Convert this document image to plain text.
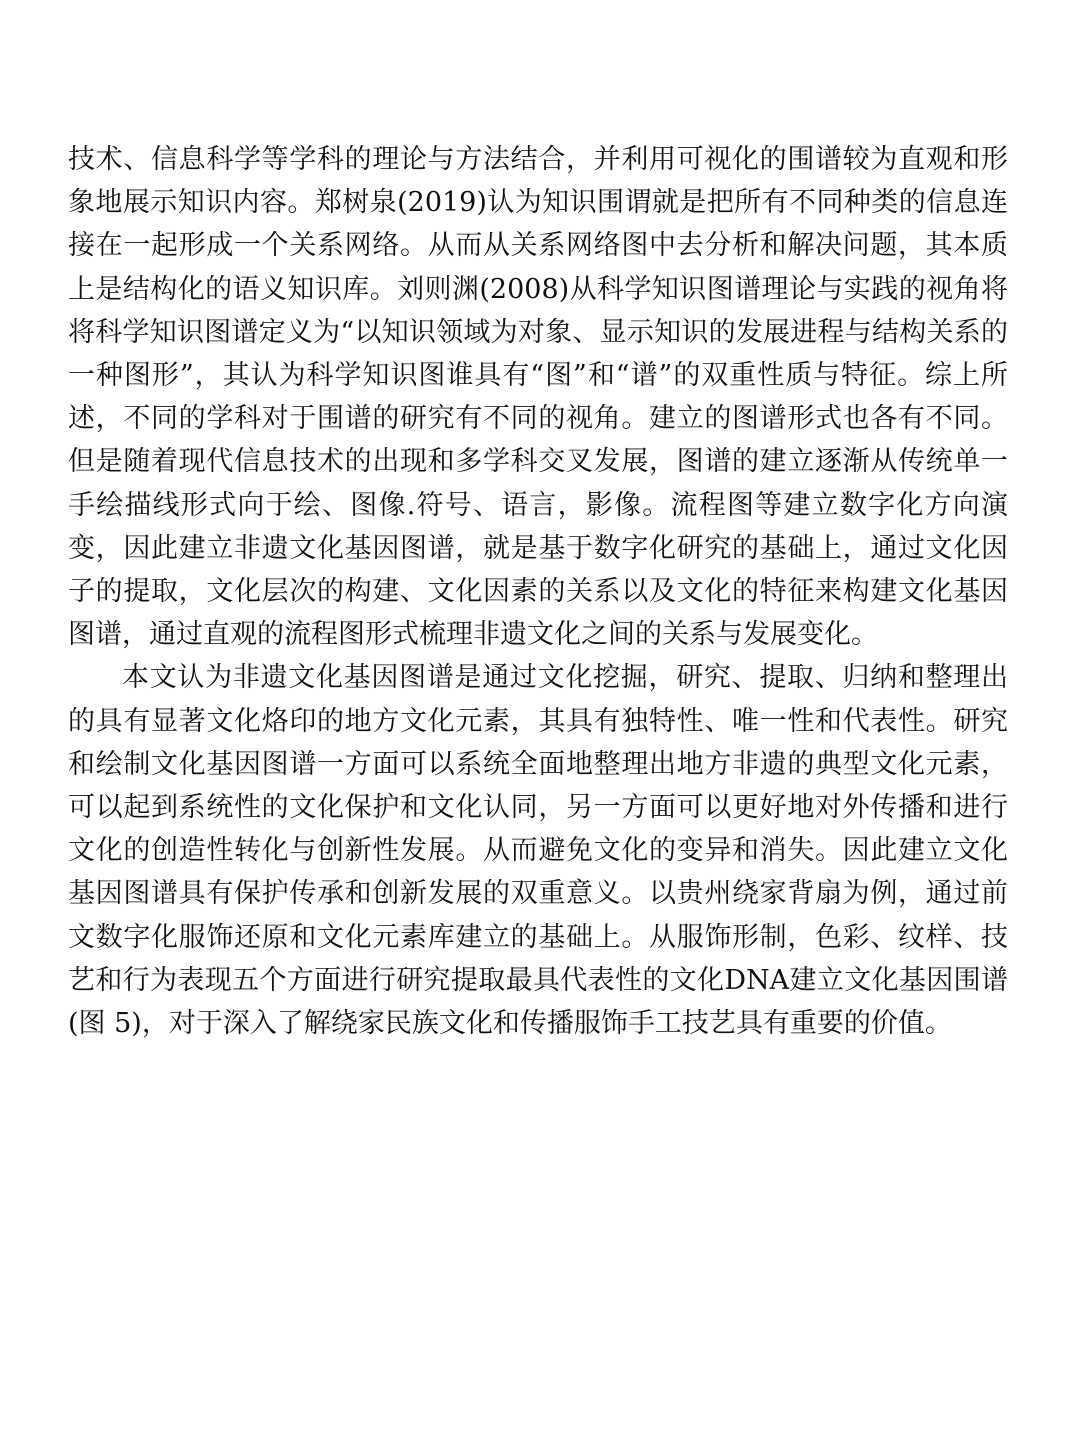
技术、信息科学等学科的理论与方法结合，并利用可视化的围谱较为直观和形象地展示知识内容。郑树泉(2019)认为知识围谓就是把所有不同种类的信息连接在一起形成一个关系网络。从而从关系网络图中去分析和解决问题，其本质上是结构化的语义知识库。刘则渊(2008)从科学知识图谱理论与实践的视角将将科学知识图谱定义为“以知识领域为对象、显示知识的发展进程与结构关系的一种图形”，其认为科学知识图谁具有“图”和“谱”的双重性质与特征。综上所述，不同的学科对于围谱的研究有不同的视角。建立的图谱形式也各有不同。但是随着现代信息技术的出现和多学科交叉发展，图谱的建立逐渐从传统单一手绘描线形式向于绘、图像.符号、语言，影像。流程图等建立数字化方向演变，因此建立非遗文化基因图谱，就是基于数字化研究的基础上，通过文化因子的提取，文化层次的构建、文化因素的关系以及文化的特征来构建文化基因图谱，通过直观的流程图形式梳理非遗文化之间的关系与发展变化。

本文认为非遗文化基因图谱是通过文化挖掘，研究、提取、归纳和整理出的具有显著文化烙印的地方文化元素，其具有独特性、唯一性和代表性。研究和绘制文化基因图谱一方面可以系统全面地整理出地方非遗的典型文化元素，可以起到系统性的文化保护和文化认同，另一方面可以更好地对外传播和进行文化的创造性转化与创新性发展。从而避免文化的变异和消失。因此建立文化基因图谱具有保护传承和创新发展的双重意义。以贵州绕家背扇为例，通过前文数字化服饰还原和文化元素库建立的基础上。从服饰形制，色彩、纹样、技艺和行为表现五个方面进行研究提取最具代表性的文化DNA建立文化基因围谱(图 5)，对于深入了解绕家民族文化和传播服饰手工技艺具有重要的价值。
